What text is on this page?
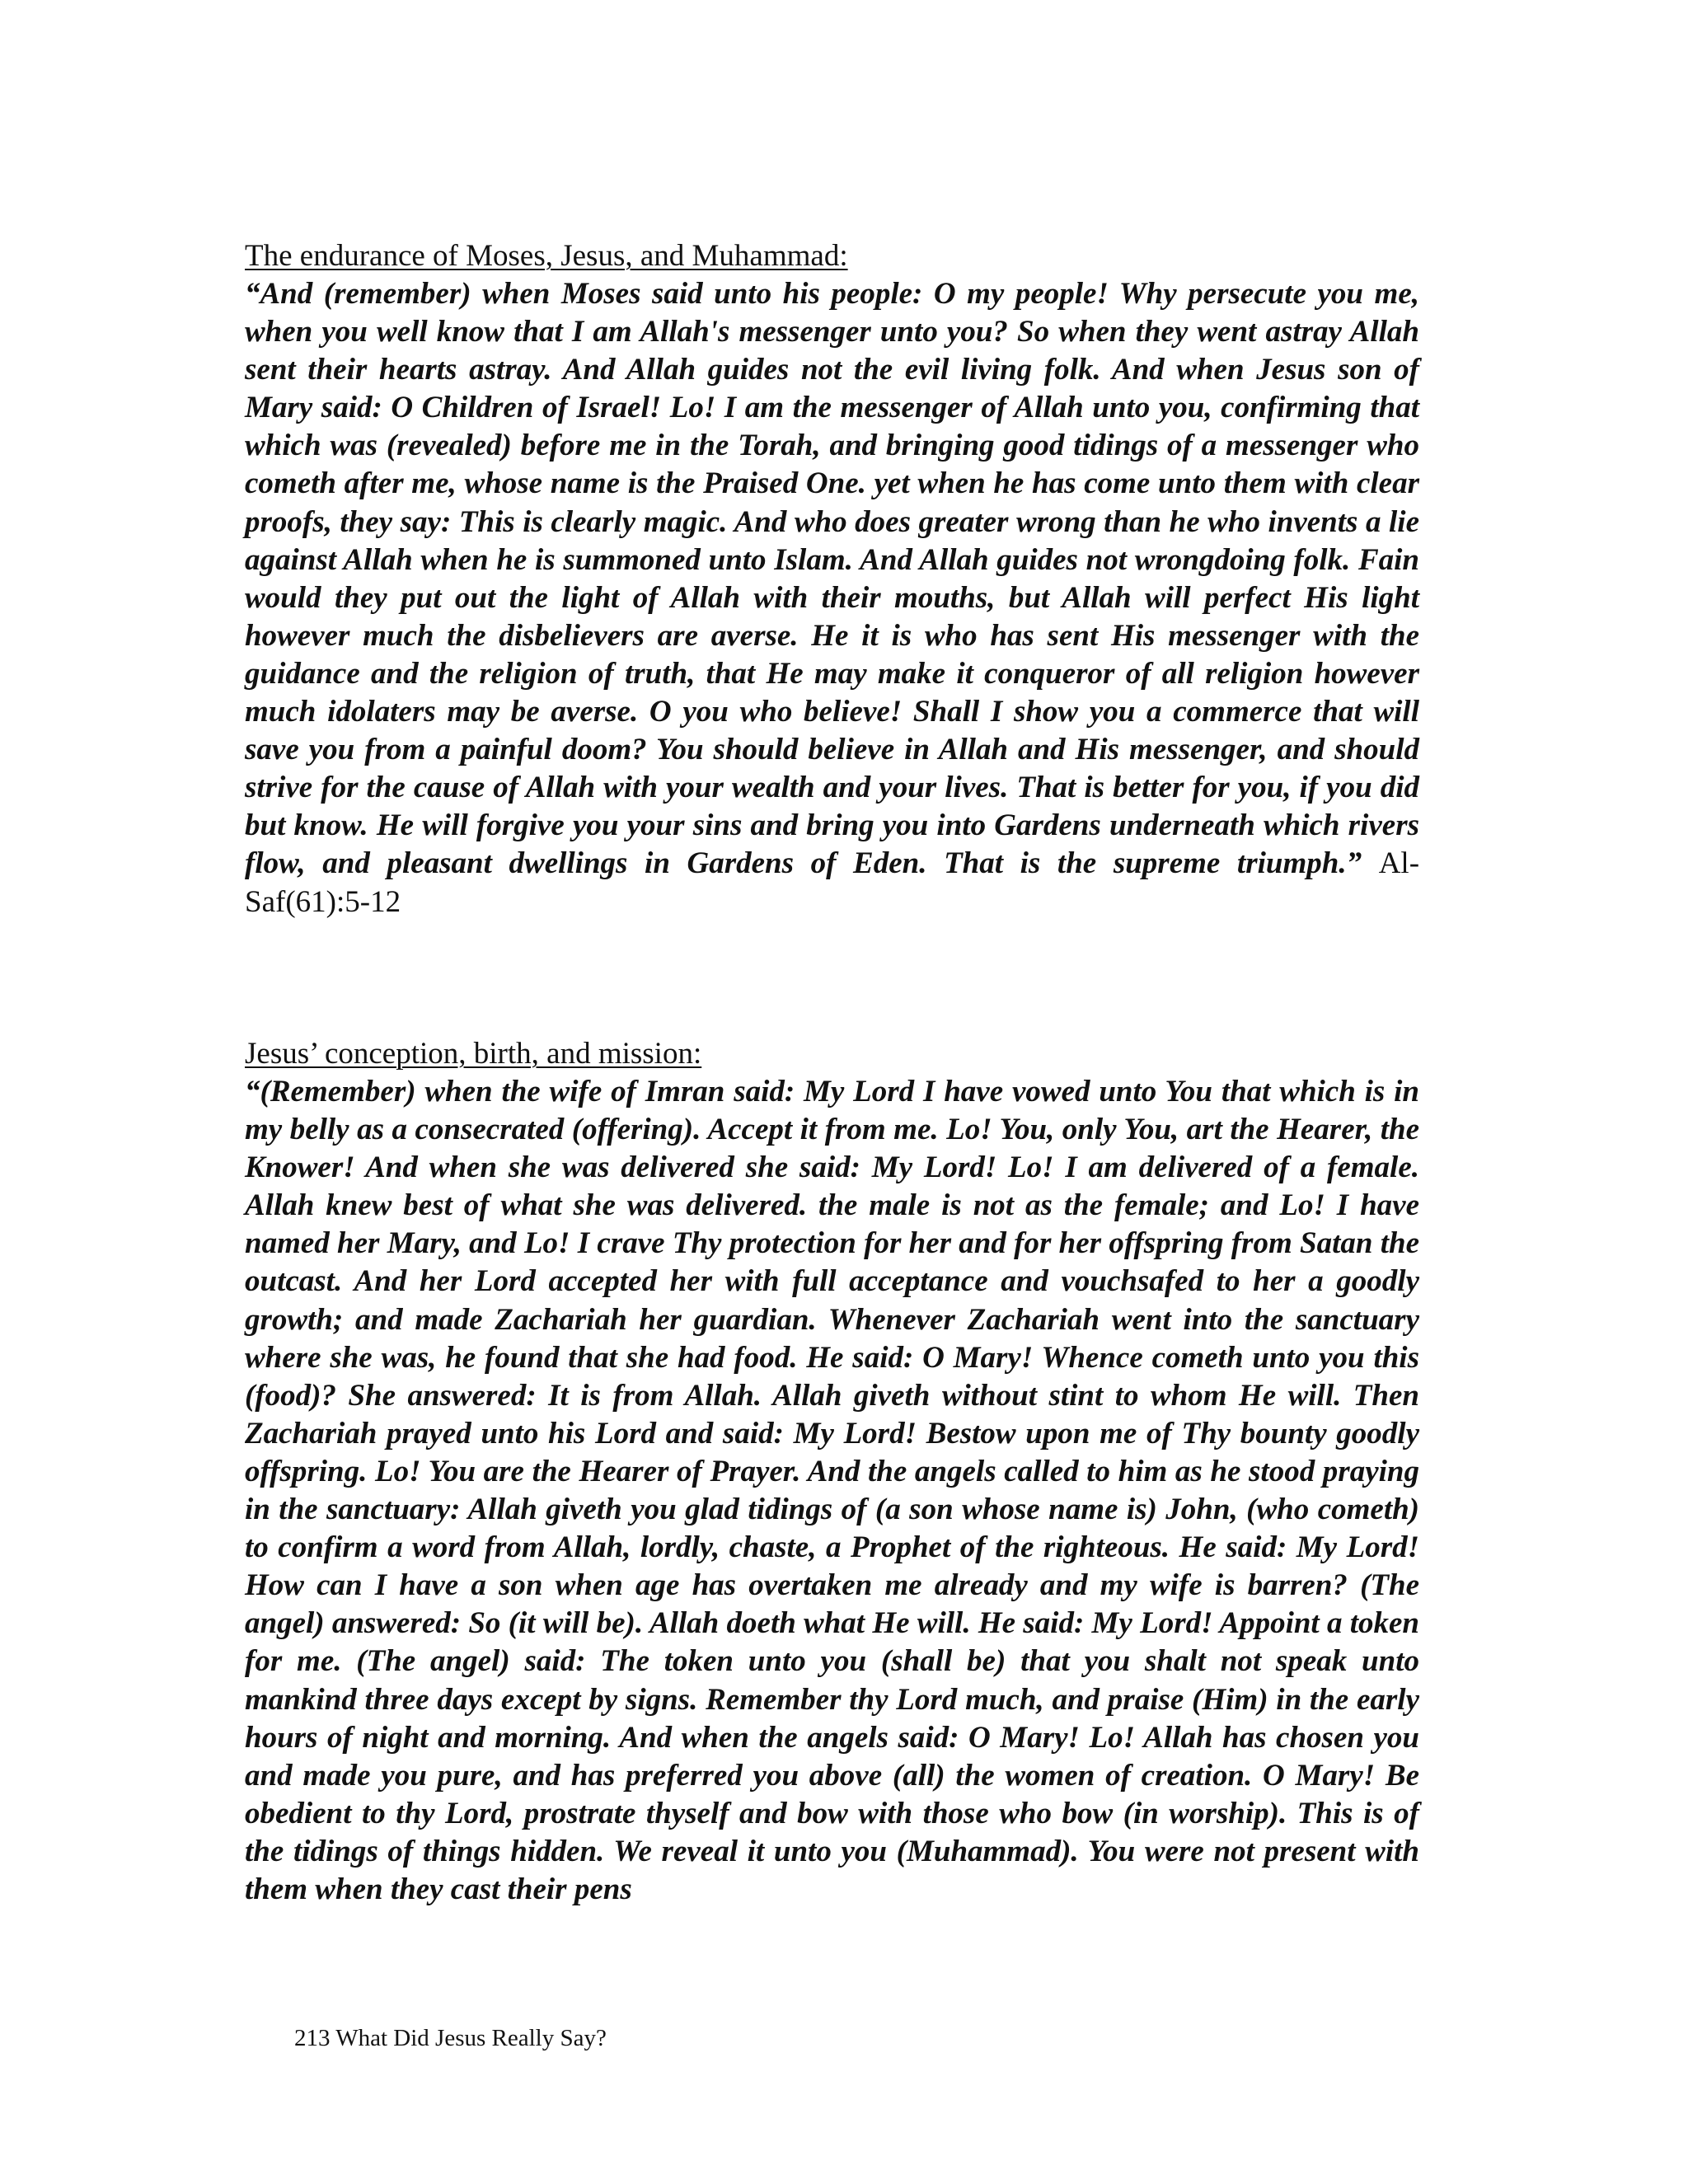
The endurance of Moses, Jesus, and Muhammad:

“And (remember) when Moses said unto his people: O my people! Why persecute you me, when you well know that I am Allah's messenger unto you? So when they went astray Allah sent their hearts astray. And Allah guides not the evil living folk. And when Jesus son of Mary said: O Children of Israel! Lo! I am the messenger of Allah unto you, confirming that which was (revealed) before me in the Torah, and bringing good tidings of a messenger who cometh after me, whose name is the Praised One. yet when he has come unto them with clear proofs, they say: This is clearly magic. And who does greater wrong than he who invents a lie against Allah when he is summoned unto Islam. And Allah guides not wrongdoing folk. Fain would they put out the light of Allah with their mouths, but Allah will perfect His light however much the disbelievers are averse. He it is who has sent His messenger with the guidance and the religion of truth, that He may make it conqueror of all religion however much idolaters may be averse. O you who believe! Shall I show you a commerce that will save you from a painful doom? You should believe in Allah and His messenger, and should strive for the cause of Allah with your wealth and your lives. That is better for you, if you did but know. He will forgive you your sins and bring you into Gardens underneath which rivers flow, and pleasant dwellings in Gardens of Eden. That is the supreme triumph.” Al-Saf(61):5-12

Jesus’ conception, birth, and mission:

“(Remember) when the wife of Imran said: My Lord I have vowed unto You that which is in my belly as a consecrated (offering). Accept it from me. Lo! You, only You, art the Hearer, the Knower! And when she was delivered she said: My Lord! Lo! I am delivered of a female. Allah knew best of what she was delivered. the male is not as the female; and Lo! I have named her Mary, and Lo! I crave Thy protection for her and for her offspring from Satan the outcast. And her Lord accepted her with full acceptance and vouchsafed to her a goodly growth; and made Zachariah her guardian. Whenever Zachariah went into the sanctuary where she was, he found that she had food. He said: O Mary! Whence cometh unto you this (food)? She answered: It is from Allah. Allah giveth without stint to whom He will. Then Zachariah prayed unto his Lord and said: My Lord! Bestow upon me of Thy bounty goodly offspring. Lo! You are the Hearer of Prayer. And the angels called to him as he stood praying in the sanctuary: Allah giveth you glad tidings of (a son whose name is) John, (who cometh) to confirm a word from Allah, lordly, chaste, a Prophet of the righteous. He said: My Lord! How can I have a son when age has overtaken me already and my wife is barren? (The angel) answered: So (it will be). Allah doeth what He will. He said: My Lord! Appoint a token for me. (The angel) said: The token unto you (shall be) that you shalt not speak unto mankind three days except by signs. Remember thy Lord much, and praise (Him) in the early hours of night and morning. And when the angels said: O Mary! Lo! Allah has chosen you and made you pure, and has preferred you above (all) the women of creation. O Mary! Be obedient to thy Lord, prostrate thyself and bow with those who bow (in worship). This is of the tidings of things hidden. We reveal it unto you (Muhammad). You were not present with them when they cast their pens

213 What Did Jesus Really Say?
